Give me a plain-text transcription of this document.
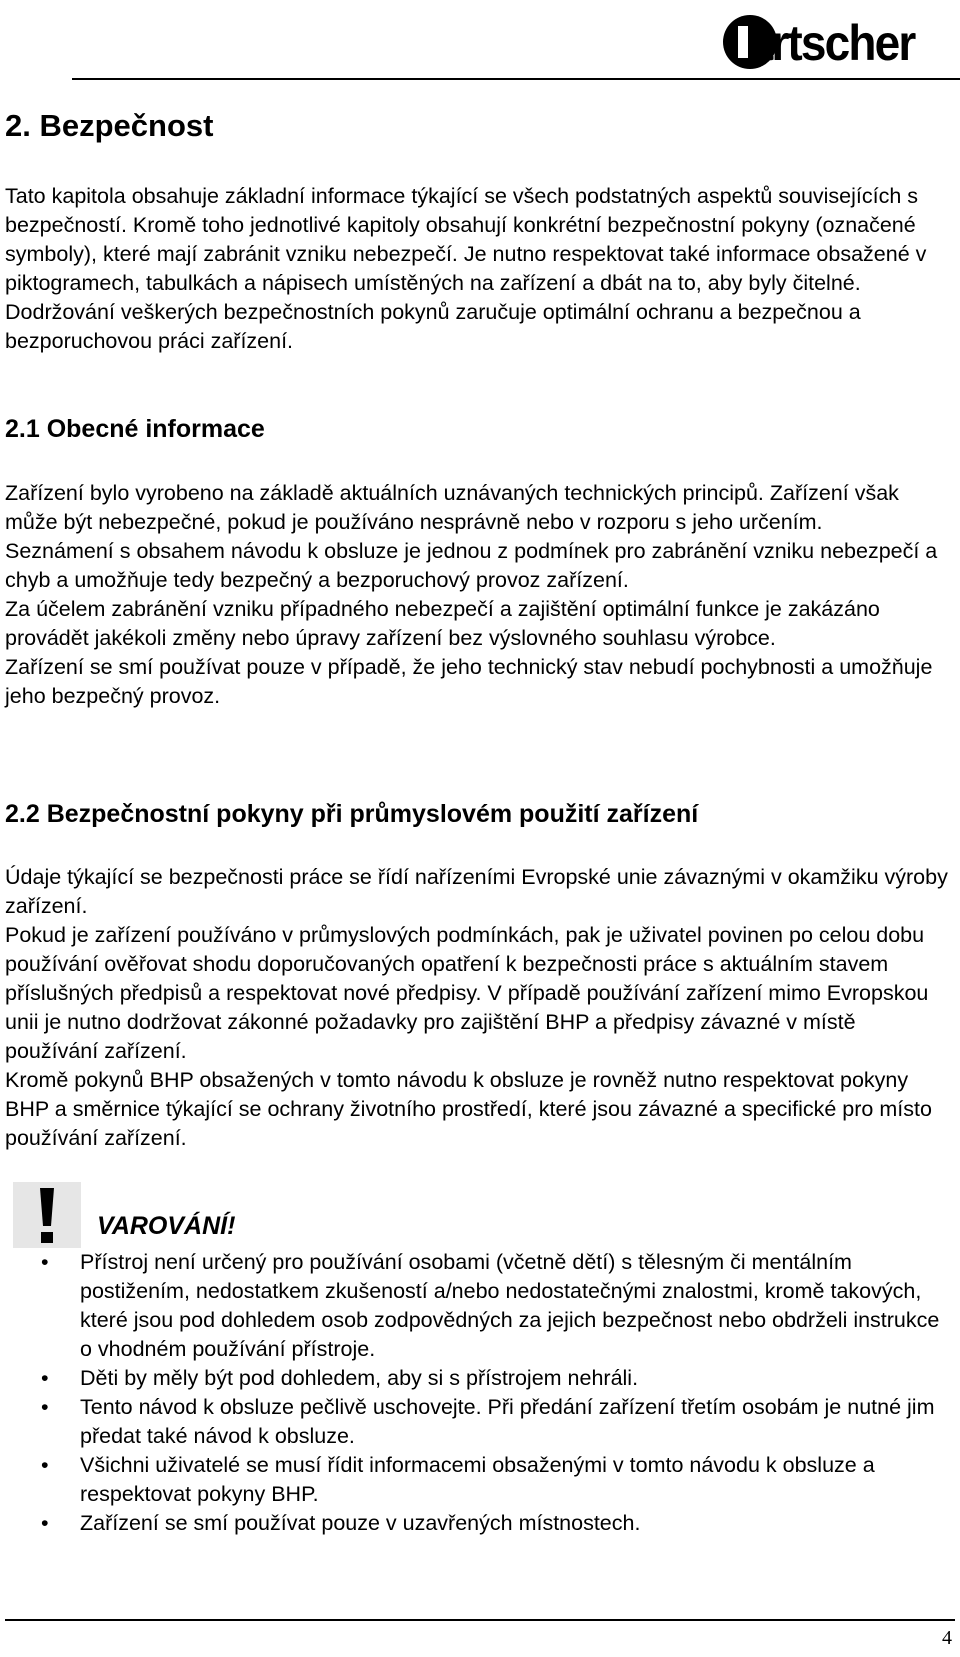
artscher
2. Bezpečnost

Tato kapitola obsahuje základní informace týkající se všech podstatných aspektů souvisejících s bezpečností. Kromě toho jednotlivé kapitoly obsahují konkrétní bezpečnostní pokyny (označené symboly), které mají zabránit vzniku nebezpečí. Je nutno respektovat také informace obsažené v piktogramech, tabulkách a nápisech umístěných na zařízení a dbát na to, aby byly čitelné.

Dodržování veškerých bezpečnostních pokynů zaručuje optimální ochranu a bezpečnou a bezporuchovou práci zařízení.

2.1 Obecné informace

Zařízení bylo vyrobeno na základě aktuálních uznávaných technických principů. Zařízení však může být nebezpečné, pokud je používáno nesprávně nebo v rozporu s jeho určením.

Seznámení s obsahem návodu k obsluze je jednou z podmínek pro zabránění vzniku nebezpečí a chyb a umožňuje tedy bezpečný a bezporuchový provoz zařízení.

Za účelem zabránění vzniku případného nebezpečí a zajištění optimální funkce je zakázáno provádět jakékoli změny nebo úpravy zařízení bez výslovného souhlasu výrobce.

Zařízení se smí používat pouze v případě, že jeho technický stav nebudí pochybnosti a umožňuje jeho bezpečný provoz.

2.2 Bezpečnostní pokyny při průmyslovém použití zařízení

Údaje týkající se bezpečnosti práce se řídí nařízeními Evropské unie závaznými v okamžiku výroby zařízení.

Pokud je zařízení používáno v průmyslových podmínkách, pak je uživatel povinen po celou dobu používání ověřovat shodu doporučovaných opatření k bezpečnosti práce s aktuálním stavem příslušných předpisů a respektovat nové předpisy. V případě používání zařízení mimo Evropskou unii je nutno dodržovat zákonné požadavky pro zajištění BHP a předpisy závazné v místě používání zařízení.

Kromě pokynů BHP obsažených v tomto návodu k obsluze je rovněž nutno respektovat pokyny BHP a směrnice týkající se ochrany životního prostředí, které jsou závazné a specifické pro místo používání zařízení.

VAROVÁNÍ!

• Přístroj není určený pro používání osobami (včetně dětí) s tělesným či mentálním postižením, nedostatkem zkušeností a/nebo nedostatečnými znalostmi, kromě takových, které jsou pod dohledem osob zodpovědných za jejich bezpečnost nebo obdrželi instrukce o vhodném používání přístroje.
• Děti by měly být pod dohledem, aby si s přístrojem nehráli.
• Tento návod k obsluze pečlivě uschovejte. Při předání zařízení třetím osobám je nutné jim předat také návod k obsluze.
• Všichni uživatelé se musí řídit informacemi obsaženými v tomto návodu k obsluze a respektovat pokyny BHP.
• Zařízení se smí používat pouze v uzavřených místnostech.
4
